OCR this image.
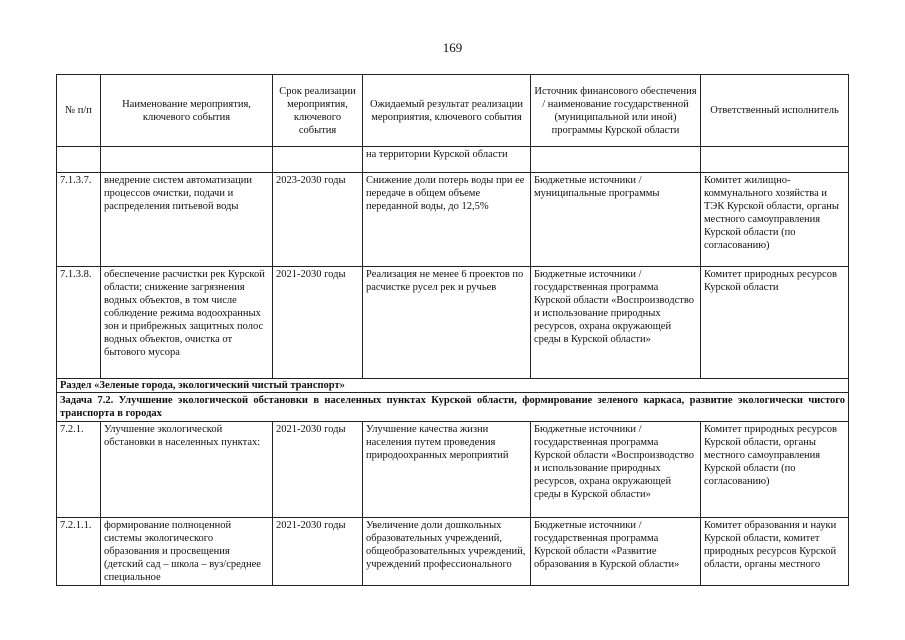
169
№ п/п	Наименование мероприятия, ключевого события	Срок реализации мероприятия, ключевого события	Ожидаемый результат реализации мероприятия, ключевого события	Источник финансового обеспечения / наименование государственной (муниципальной или иной) программы Курской области	Ответственный исполнитель
			на территории Курской области		
7.1.3.7.	внедрение систем автоматизации процессов очистки, подачи и распределения питьевой воды	2023-2030 годы	Снижение доли потерь воды при ее передаче в общем объеме переданной воды, до 12,5%	Бюджетные источники / муниципальные программы	Комитет жилищно-коммунального хозяйства и ТЭК Курской области, органы местного самоуправления Курской области (по согласованию)
7.1.3.8.	обеспечение расчистки рек Курской области; снижение загрязнения водных объектов, в том числе соблюдение режима водоохранных зон и прибрежных защитных полос водных объектов, очистка от бытового мусора	2021-2030 годы	Реализация не менее 6 проектов по расчистке русел рек и ручьев	Бюджетные источники / государственная программа Курской области «Воспроизводство и использование природных ресурсов, охрана окружающей среды в Курской области»	Комитет природных ресурсов Курской области
Раздел «Зеленые города, экологический чистый транспорт»					
Задача 7.2. Улучшение экологической обстановки в населенных пунктах Курской области, формирование зеленого каркаса, развитие экологически чистого транспорта в городах					
7.2.1.	Улучшение экологической обстановки в населенных пунктах:	2021-2030 годы	Улучшение качества жизни населения путем проведения природоохранных мероприятий	Бюджетные источники / государственная программа Курской области «Воспроизводство и использование природных ресурсов, охрана окружающей среды в Курской области»	Комитет природных ресурсов Курской области, органы местного самоуправления Курской области (по согласованию)
7.2.1.1.	формирование полноценной системы экологического образования и просвещения (детский сад – школа – вуз/среднее специальное	2021-2030 годы	Увеличение доли дошкольных образовательных учреждений, общеобразовательных учреждений, учреждений профессионального	Бюджетные источники / государственная программа Курской области «Развитие образования в Курской области»	Комитет образования и науки Курской области, комитет природных ресурсов Курской области, органы местного
